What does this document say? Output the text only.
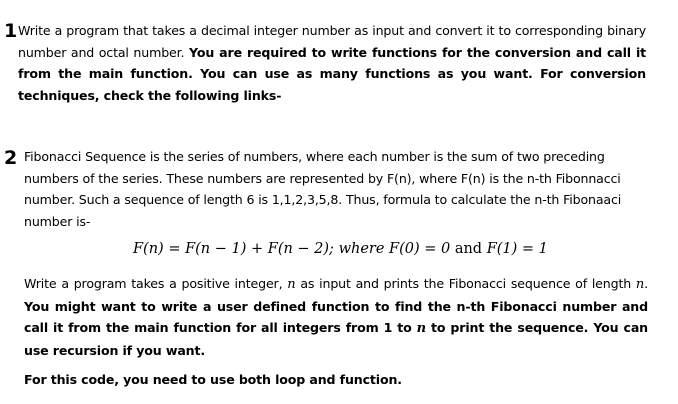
1 Write a program that takes a decimal integer number as input and convert it to corresponding binary number and octal number. You are required to write functions for the conversion and call it from the main function. You can use as many functions as you want. For conversion techniques, check the following links-
2 Fibonacci Sequence is the series of numbers, where each number is the sum of two preceding numbers of the series. These numbers are represented by F(n), where F(n) is the n-th Fibonnacci number. Such a sequence of length 6 is 1,1,2,3,5,8. Thus, formula to calculate the n-th Fibonaaci number is-
F(n) = F(n − 1) + F(n − 2); where F(0) = 0 and F(1) = 1
Write a program takes a positive integer, n as input and prints the Fibonacci sequence of length n. You might want to write a user defined function to find the n-th Fibonacci number and call it from the main function for all integers from 1 to n to print the sequence. You can use recursion if you want.
For this code, you need to use both loop and function.
